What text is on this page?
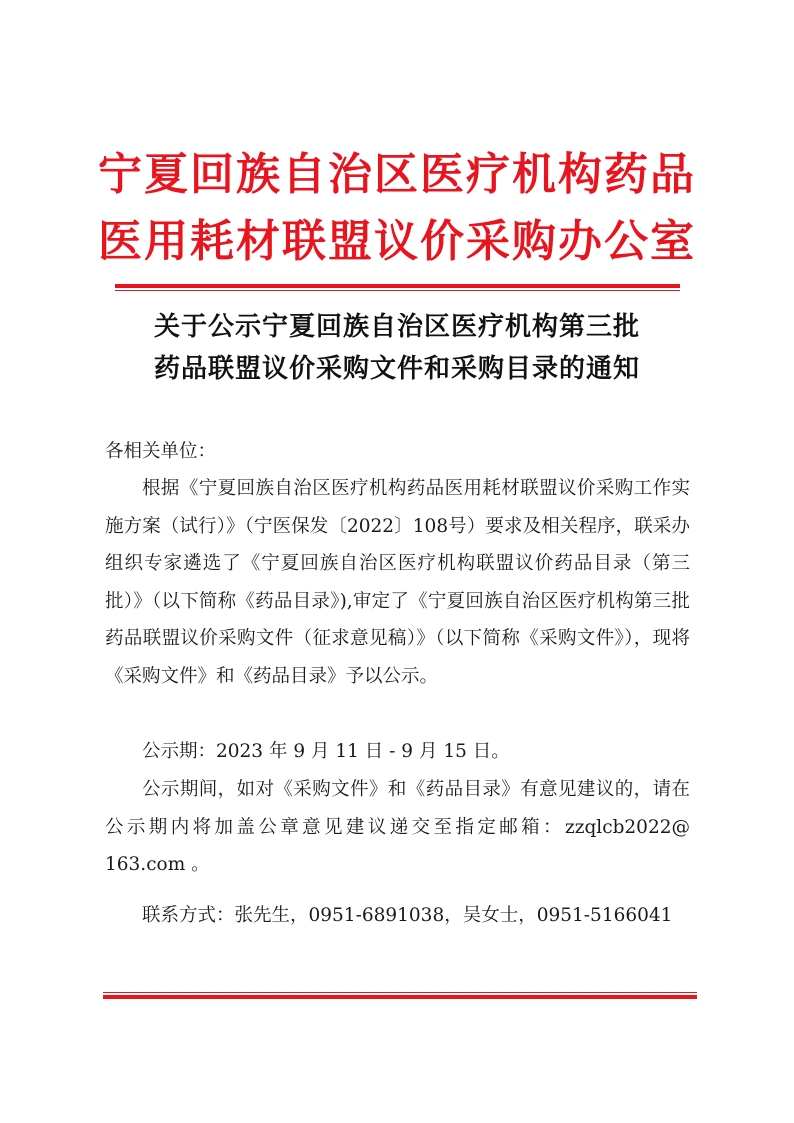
宁夏回族自治区医疗机构药品
医用耗材联盟议价采购办公室
关于公示宁夏回族自治区医疗机构第三批
药品联盟议价采购文件和采购目录的通知
各相关单位：
根据《宁夏回族自治区医疗机构药品医用耗材联盟议价采购工作实施方案（试行）》（宁医保发〔2022〕108号）要求及相关程序，联采办组织专家遴选了《宁夏回族自治区医疗机构联盟议价药品目录（第三批）》（以下简称《药品目录》),审定了《宁夏回族自治区医疗机构第三批药品联盟议价采购文件（征求意见稿）》（以下简称《采购文件》），现将《采购文件》和《药品目录》予以公示。
公示期：2023 年 9 月 11 日 - 9 月 15 日。
公示期间，如对《采购文件》和《药品目录》有意见建议的，请在公示期内将加盖公章意见建议递交至指定邮箱：zzqlcb2022@ 163.com 。
联系方式：张先生，0951-6891038，吴女士，0951-5166041
